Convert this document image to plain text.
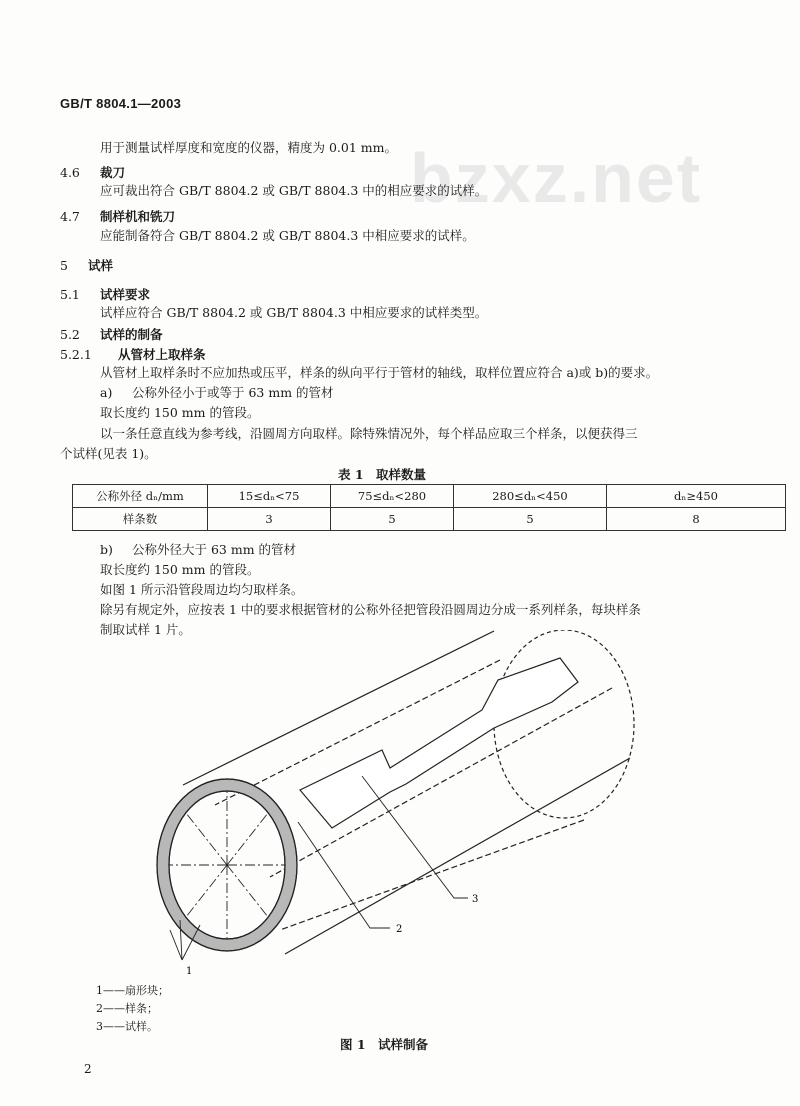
bzxz.net
GB/T 8804.1—2003
用于测量试样厚度和宽度的仪器，精度为 0.01 mm。
4.6 裁刀
应可裁出符合 GB/T 8804.2 或 GB/T 8804.3 中的相应要求的试样。
4.7 制样机和铣刀
应能制备符合 GB/T 8804.2 或 GB/T 8804.3 中相应要求的试样。
5 试样
5.1 试样要求
试样应符合 GB/T 8804.2 或 GB/T 8804.3 中相应要求的试样类型。
5.2 试样的制备
5.2.1 从管材上取样条
从管材上取样条时不应加热或压平，样条的纵向平行于管材的轴线，取样位置应符合 a)或 b)的要求。
a) 公称外径小于或等于 63 mm 的管材
取长度约 150 mm 的管段。
以一条任意直线为参考线，沿圆周方向取样。除特殊情况外，每个样品应取三个样条，以便获得三
个试样(见表 1)。
表 1　取样数量
公称外径 dₙ/mm	15≤dₙ<75	75≤dₙ<280	280≤dₙ<450	dₙ≥450
样条数	3	5	5	8
b) 公称外径大于 63 mm 的管材
取长度约 150 mm 的管段。
如图 1 所示沿管段周边均匀取样条。
除另有规定外，应按表 1 中的要求根据管材的公称外径把管段沿圆周边分成一系列样条，每块样条
制取试样 1 片。
2
3
1
1——扇形块；
2——样条；
3——试样。
图 1　试样制备
2
